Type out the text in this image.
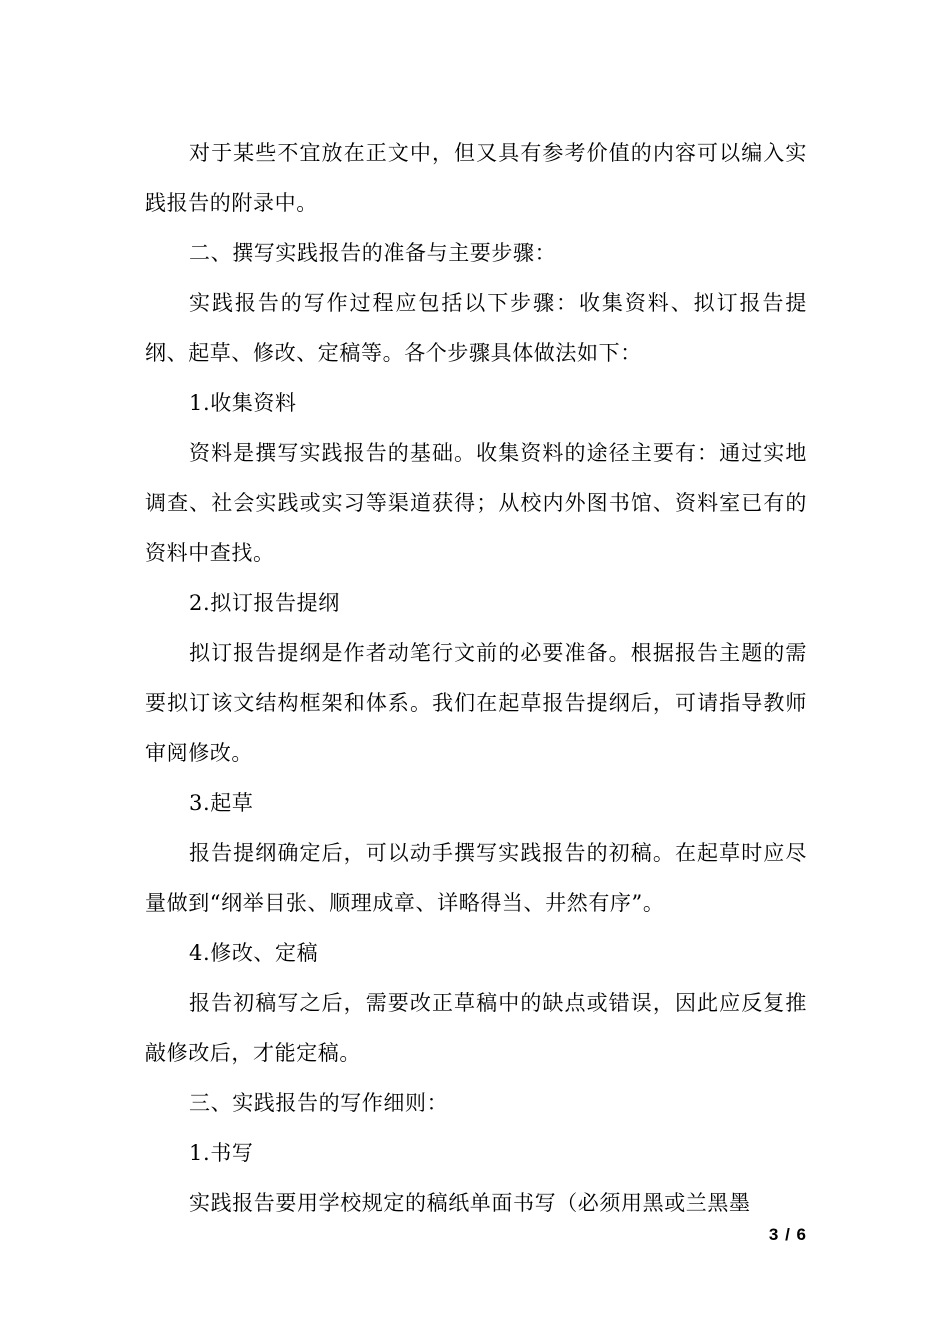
对于某些不宜放在正文中，但又具有参考价值的内容可以编入实践报告的附录中。

二、撰写实践报告的准备与主要步骤：

实践报告的写作过程应包括以下步骤：收集资料、拟订报告提纲、起草、修改、定稿等。各个步骤具体做法如下：

1.收集资料

资料是撰写实践报告的基础。收集资料的途径主要有：通过实地调查、社会实践或实习等渠道获得；从校内外图书馆、资料室已有的资料中查找。

2.拟订报告提纲

拟订报告提纲是作者动笔行文前的必要准备。根据报告主题的需要拟订该文结构框架和体系。我们在起草报告提纲后，可请指导教师审阅修改。

3.起草

报告提纲确定后，可以动手撰写实践报告的初稿。在起草时应尽量做到“纲举目张、顺理成章、详略得当、井然有序”。

4.修改、定稿

报告初稿写之后，需要改正草稿中的缺点或错误，因此应反复推敲修改后，才能定稿。

三、实践报告的写作细则：

1.书写

实践报告要用学校规定的稿纸单面书写（必须用黑或兰黑墨

3 / 6
